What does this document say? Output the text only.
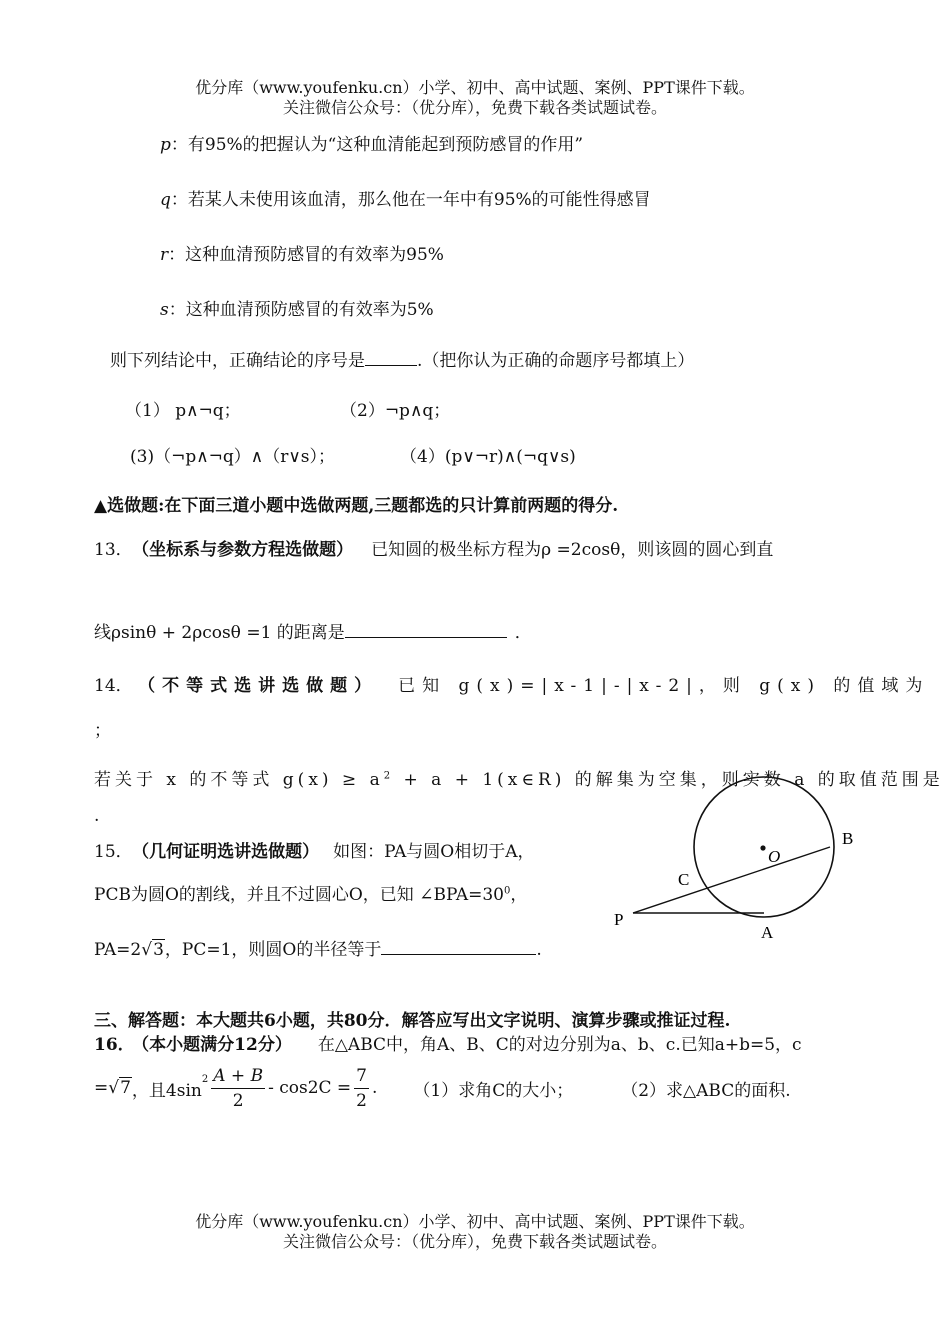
优分库（www.youfenku.cn）小学、初中、高中试题、案例、PPT课件下载。
关注微信公众号：（优分库），免费下载各类试题试卷。
p：有95%的把握认为“这种血清能起到预防感冒的作用”
q：若某人未使用该血清，那么他在一年中有95%的可能性得感冒
r：这种血清预防感冒的有效率为95%
s：这种血清预防感冒的有效率为5%
则下列结论中，正确结论的序号是	.（把你认为正确的命题序号都填上）
（1） p∧¬q；	（2）¬p∧q；
(3)（¬p∧¬q）∧（r∨s）；	（4）(p∨¬r)∧(¬q∨s)
▲选做题:在下面三道小题中选做两题,三题都选的只计算前两题的得分.
13． （坐标系与参数方程选做题） 已知圆的极坐标方程为ρ =2cosθ，则该圆的圆心到直
线ρsinθ + 2ρcosθ =1 的距离是	．
14． （不等式选讲选做题） 已知 g(x)=|x-1|-|x-2|，则 g(x) 的值域为
；
若关于 x 的不等式 $g(x) \ge a^2 + a$ + 1(x∈R) 的解集为空集，则实数 a 的取值范围是
.
15． （几何证明选讲选做题） 如图：PA与圆O相切于A，
PCB为圆O的割线，并且不过圆心O，已知 $\angle BPA=30^0$，
PA=2√3，PC=1，则圆O的半径等于	.
O
B
C
P
A
三、解答题：本大题共6小题，共80分．解答应写出文字说明、演算步骤或推证过程.
16． （本小题满分12分） 在△ABC中，角A、B、C的对边分别为a、b、c.已知a+b=5，c
= √7 ，且4sin
$^2 \frac{A + B}{2} - \cos 2C = \frac{7}{2}$ . （1）求角C的大小；	（2）求△ABC的面积.
优分库（www.youfenku.cn）小学、初中、高中试题、案例、PPT课件下载。
关注微信公众号：（优分库），免费下载各类试题试卷。
